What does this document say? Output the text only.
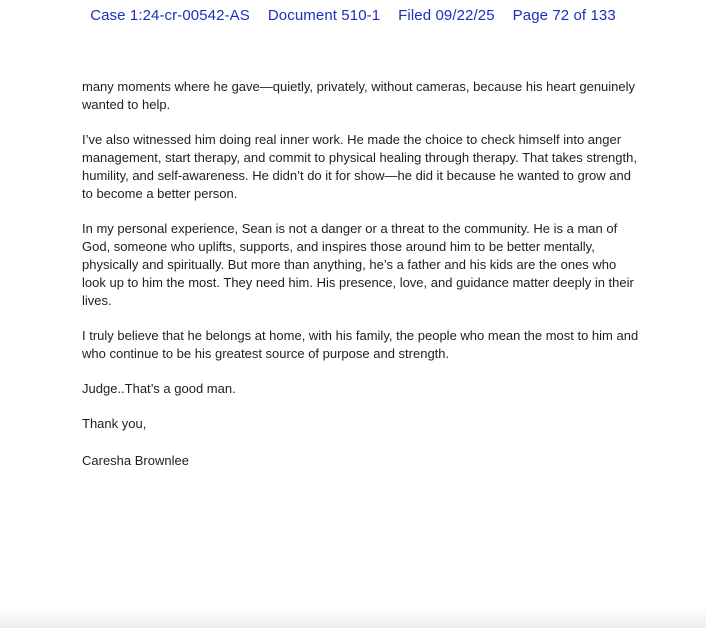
Case 1:24-cr-00542-AS Document 510-1 Filed 09/22/25 Page 72 of 133

many moments where he gave—quietly, privately, without cameras, because his heart genuinely wanted to help.

I’ve also witnessed him doing real inner work. He made the choice to check himself into anger management, start therapy, and commit to physical healing through therapy. That takes strength, humility, and self-awareness. He didn’t do it for show—he did it because he wanted to grow and to become a better person.

In my personal experience, Sean is not a danger or a threat to the community. He is a man of God, someone who uplifts, supports, and inspires those around him to be better mentally, physically and spiritually. But more than anything, he’s a father and his kids are the ones who look up to him the most. They need him. His presence, love, and guidance matter deeply in their lives.

I truly believe that he belongs at home, with his family, the people who mean the most to him and who continue to be his greatest source of purpose and strength.

Judge..That’s a good man.

Thank you,

Caresha Brownlee
